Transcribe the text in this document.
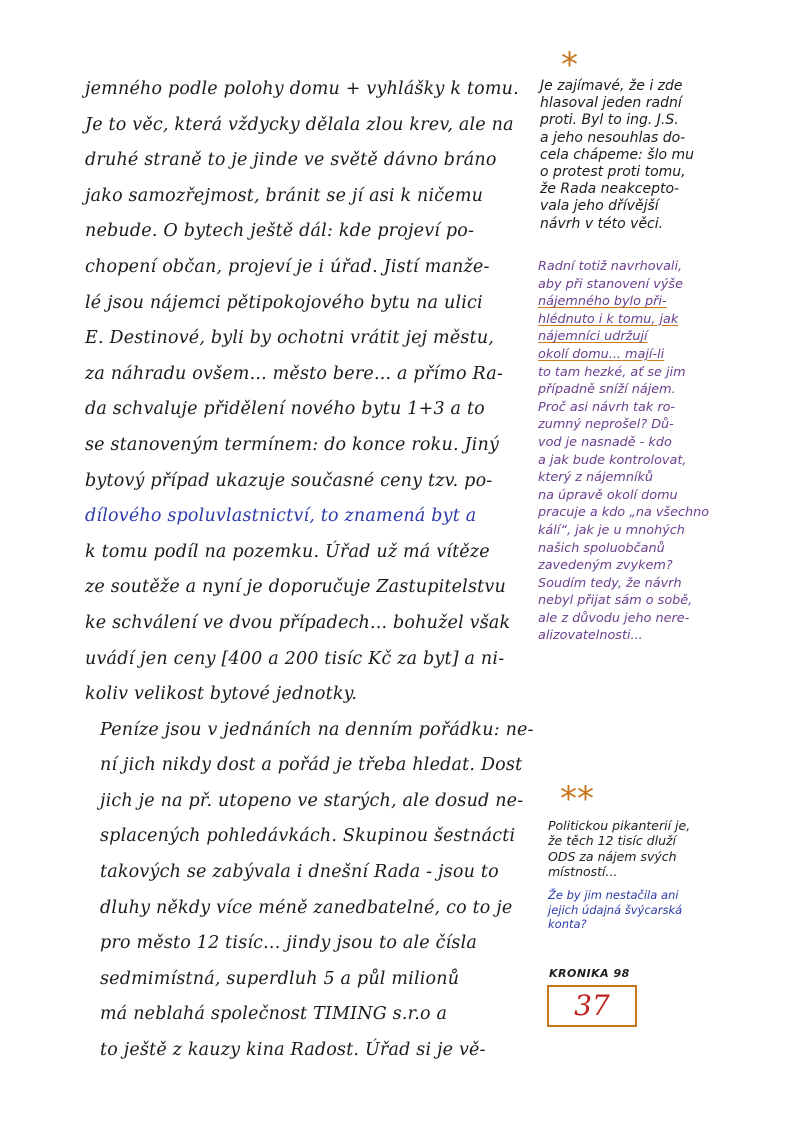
jemného podle polohy domu + vyhlášky k tomu.
Je to věc, která vždycky dělala zlou krev, ale na
druhé straně to je jinde ve světě dávno bráno
jako samozřejmost, bránit se jí asi k ničemu
nebude. O bytech ještě dál: kde projeví po-
chopení občan, projeví je i úřad. Jistí manže-
lé jsou nájemci pětipokojového bytu na ulici
E. Destinové, byli by ochotni vrátit jej městu,
za náhradu ovšem... město bere... a přímo Ra-
da schvaluje přidělení nového bytu 1+3 a to
se stanoveným termínem: do konce roku. Jiný
bytový případ ukazuje současné ceny tzv. po-
dílového spoluvlastnictví, to znamená byt a
k tomu podíl na pozemku. Úřad už má vítěze
ze soutěže a nyní je doporučuje Zastupitelstvu
ke schválení ve dvou případech... bohužel však
uvádí jen ceny [400 a 200 tisíc Kč za byt] a ni-
koliv velikost bytové jednotky.
Peníze jsou v jednáních na denním pořádku: ne-
ní jich nikdy dost a pořád je třeba hledat. Dost
jich je na př. utopeno ve starých, ale dosud ne-
splacených pohledávkách. Skupinou šestnácti
takových se zabývala i dnešní Rada - jsou to
dluhy někdy více méně zanedbatelné, co to je
pro město 12 tisíc... jindy jsou to ale čísla
sedmimístná, superdluh 5 a půl milionů
má neblahá společnost TIMING s.r.o a
to ještě z kauzy kina Radost. Úřad si je vě-
*
Je zajímavé, že i zde
hlasoval jeden radní
proti. Byl to ing. J.S.
a jeho nesouhlas do-
cela chápeme: šlo mu
o protest proti tomu,
že Rada neakcepto-
vala jeho dřívější
návrh v této věci.
Radní totiž navrhovali,
aby při stanovení výše
nájemného bylo při-
hlédnuto i k tomu, jak
nájemníci udržují
okolí domu... mají-li
to tam hezké, ať se jim
případně sníží nájem.
Proč asi návrh tak ro-
zumný neprošel? Dů-
vod je nasnadě - kdo
a jak bude kontrolovat,
který z nájemníků
na úpravě okolí domu
pracuje a kdo „na všechno
kálí“, jak je u mnohých
našich spoluobčanů
zavedeným zvykem?
Soudím tedy, že návrh
nebyl přijat sám o sobě,
ale z důvodu jeho nere-
alizovatelnosti...
**
Politickou pikanterií je,
že těch 12 tisíc dluží
ODS za nájem svých
místností...
Že by jim nestačila ani
jejich údajná švýcarská
konta?
KRONIKA 98
37
